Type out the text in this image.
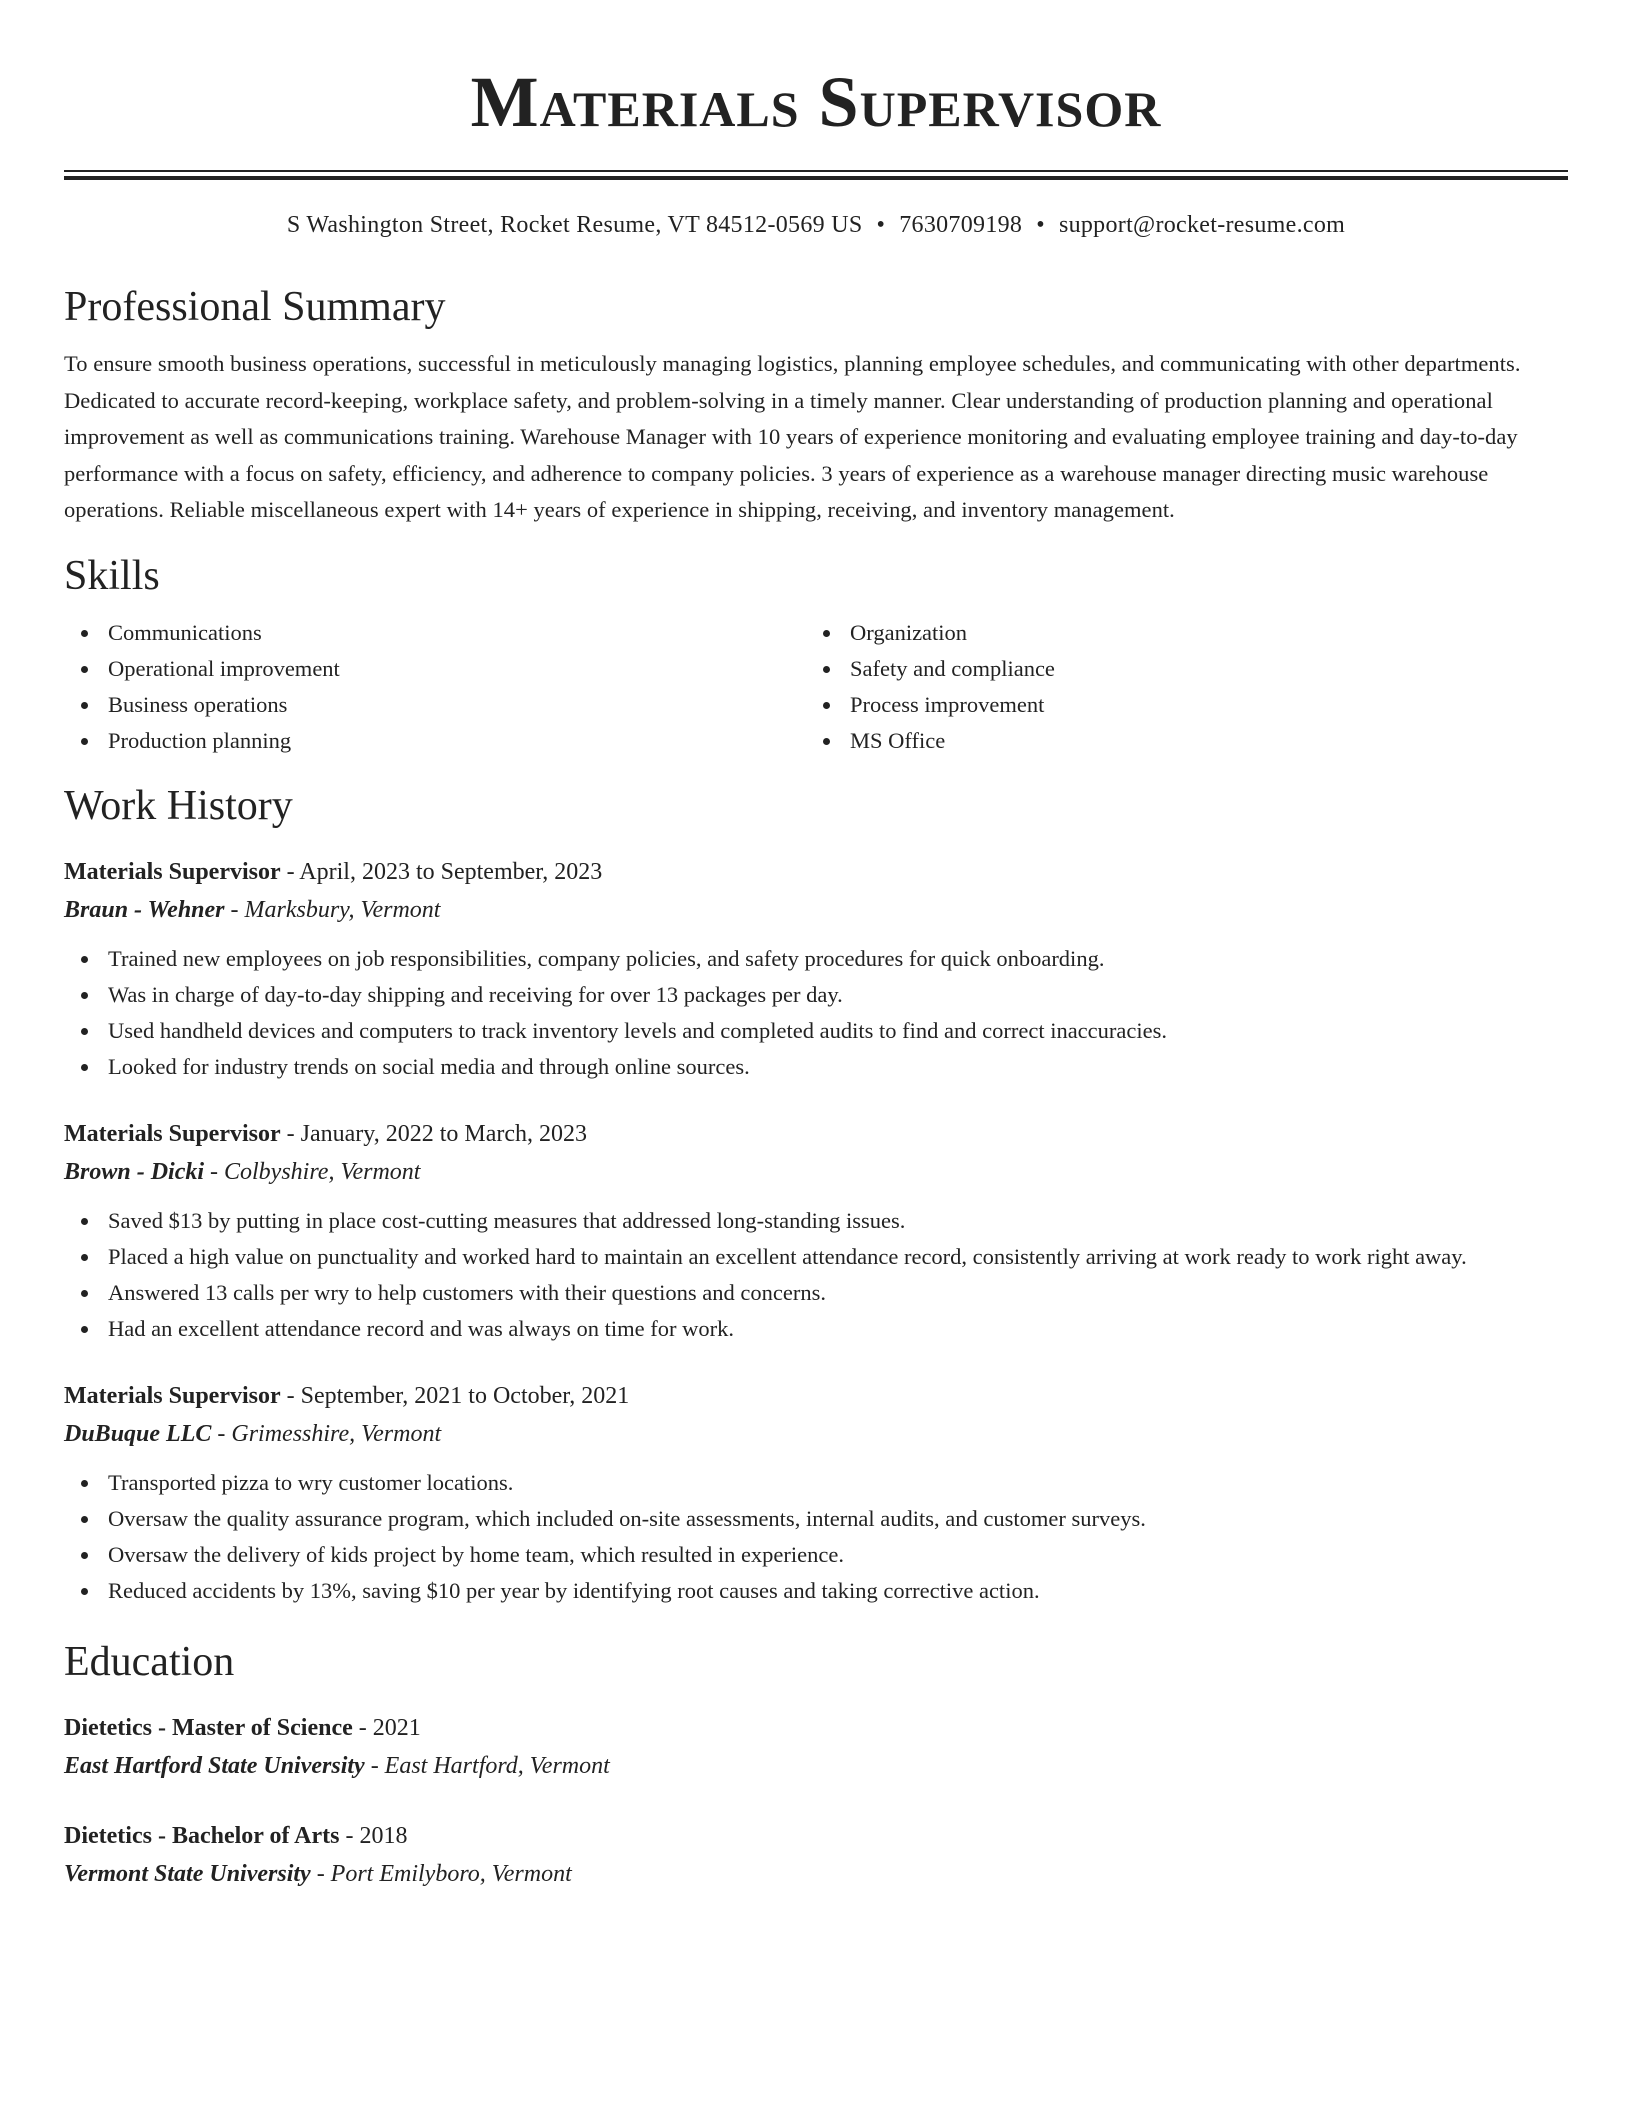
Materials Supervisor
S Washington Street, Rocket Resume, VT 84512-0569 US • 7630709198 • support@rocket-resume.com
Professional Summary

To ensure smooth business operations, successful in meticulously managing logistics, planning employee schedules, and communicating with other departments. Dedicated to accurate record-keeping, workplace safety, and problem-solving in a timely manner. Clear understanding of production planning and operational improvement as well as communications training. Warehouse Manager with 10 years of experience monitoring and evaluating employee training and day-to-day performance with a focus on safety, efficiency, and adherence to company policies. 3 years of experience as a warehouse manager directing music warehouse operations. Reliable miscellaneous expert with 14+ years of experience in shipping, receiving, and inventory management.

Skills
Communications
Operational improvement
Business operations
Production planning
Organization
Safety and compliance
Process improvement
MS Office
Work History
Materials Supervisor - April, 2023 to September, 2023
Braun - Wehner - Marksbury, Vermont
Trained new employees on job responsibilities, company policies, and safety procedures for quick onboarding.
Was in charge of day-to-day shipping and receiving for over 13 packages per day.
Used handheld devices and computers to track inventory levels and completed audits to find and correct inaccuracies.
Looked for industry trends on social media and through online sources.
Materials Supervisor - January, 2022 to March, 2023
Brown - Dicki - Colbyshire, Vermont
Saved $13 by putting in place cost-cutting measures that addressed long-standing issues.
Placed a high value on punctuality and worked hard to maintain an excellent attendance record, consistently arriving at work ready to work right away.
Answered 13 calls per wry to help customers with their questions and concerns.
Had an excellent attendance record and was always on time for work.
Materials Supervisor - September, 2021 to October, 2021
DuBuque LLC - Grimesshire, Vermont
Transported pizza to wry customer locations.
Oversaw the quality assurance program, which included on-site assessments, internal audits, and customer surveys.
Oversaw the delivery of kids project by home team, which resulted in experience.
Reduced accidents by 13%, saving $10 per year by identifying root causes and taking corrective action.
Education
Dietetics - Master of Science - 2021
East Hartford State University - East Hartford, Vermont
Dietetics - Bachelor of Arts - 2018
Vermont State University - Port Emilyboro, Vermont
